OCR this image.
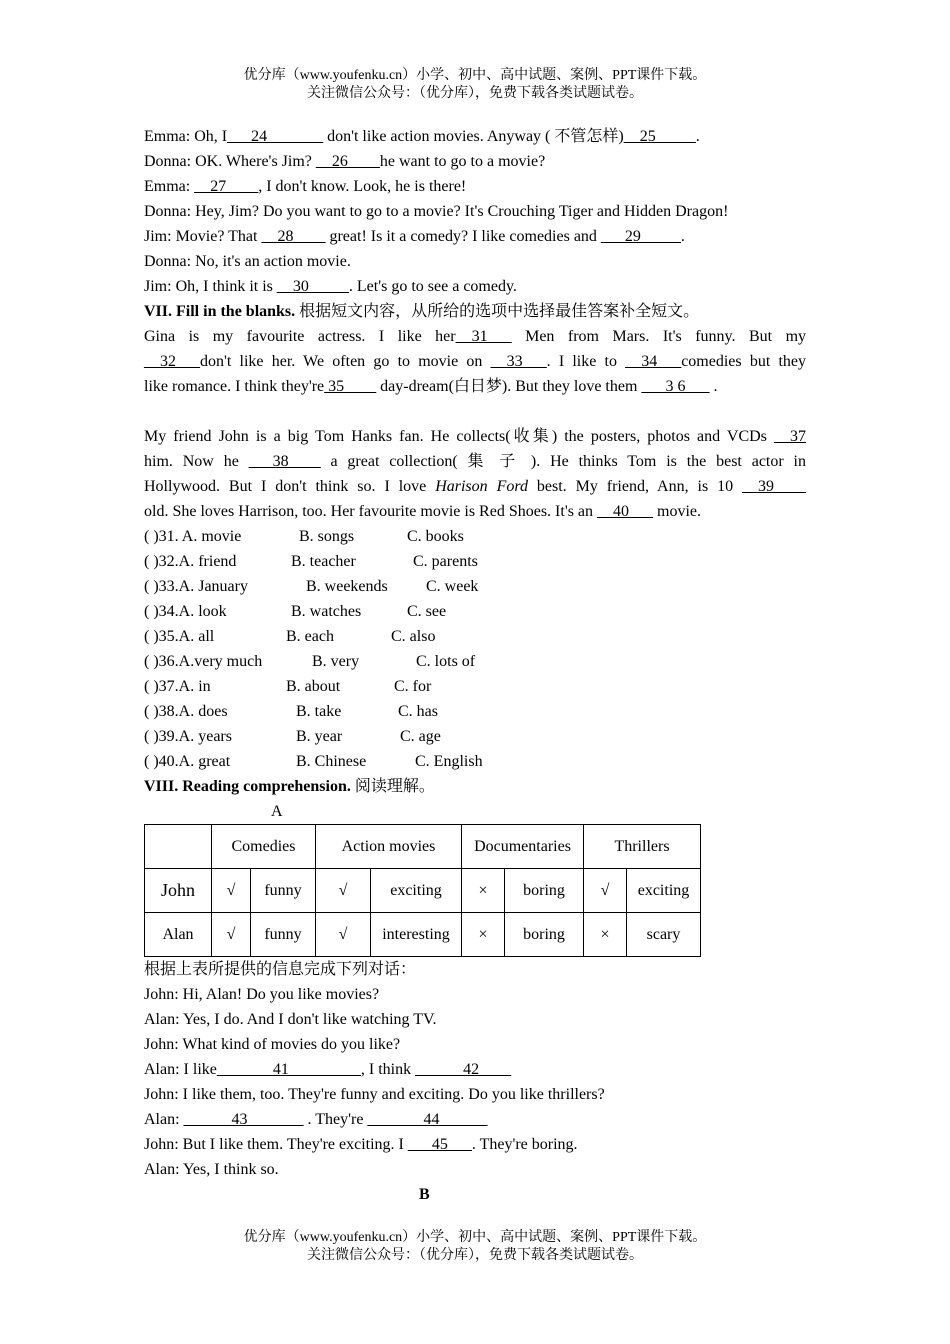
优分库（www.youfenku.cn）小学、初中、高中试题、案例、PPT课件下载。
关注微信公众号：（优分库），免费下载各类试题试卷。
Emma: Oh, I___24_______ don't like action movies. Anyway ( 不管怎样)__25_____.
Donna: OK. Where's Jim? __26____he want to go to a movie?
Emma: __27____, I don't know. Look, he is there!
Donna: Hey, Jim? Do you want to go to a movie? It's Crouching Tiger and Hidden Dragon!
Jim: Movie? That __28____ great! Is it a comedy? I like comedies and ___29_____.
Donna: No, it's an action movie.
Jim: Oh, I think it is __30_____. Let's go to see a comedy.
VII. Fill in the blanks. 根据短文内容，从所给的选项中选择最佳答案补全短文。
Gina is my favourite actress. I like her__31___ Men from Mars. It's funny. But my
__32___don't like her. We often go to movie on __33___. I like to __34___comedies but they
like romance. I think they're 35____ day-dream(白日梦). But they love them ___3 6___ .
My friend John is a big Tom Hanks fan. He collects(收集) the posters, photos and VCDs __37
him. Now he ___38____ a great collection( 集 子 ). He thinks Tom is the best actor in
Hollywood. But I don't think so. I love Harison Ford best. My friend, Ann, is 10 __39____
old. She loves Harrison, too. Her favourite movie is Red Shoes. It's an __40___ movie.
( )31. A. movie	B. songs	C. books
( )32.A. friend	B. teacher	C. parents
( )33.A. January	B. weekends C. week
( )34.A. look	B. watches	C. see
( )35.A. all	B. each	C. also
( )36.A.very much	B. very	C. lots of
( )37.A. in	B. about	C. for
( )38.A. does	B. take	C. has
( )39.A. years	B. year	C. age
( )40.A. great	B. Chinese	C. English
VIII. Reading comprehension. 阅读理解。
A
	Comedies		Action movies		Documentaries		Thrillers	
John	√	funny	√	exciting	×	boring	√	exciting
Alan	√	funny	√	interesting	×	boring	×	scary
根据上表所提供的信息完成下列对话：
John: Hi, Alan! Do you like movies?
Alan: Yes, I do. And I don't like watching TV.
John: What kind of movies do you like?
Alan: I like_______41_________, I think ______42____
John: I like them, too. They're funny and exciting. Do you like thrillers?
Alan: ______43_______ . They're _______44______
John: But I like them. They're exciting. I ___45___. They're boring.
Alan: Yes, I think so.
B
优分库（www.youfenku.cn）小学、初中、高中试题、案例、PPT课件下载。
关注微信公众号：（优分库），免费下载各类试题试卷。
